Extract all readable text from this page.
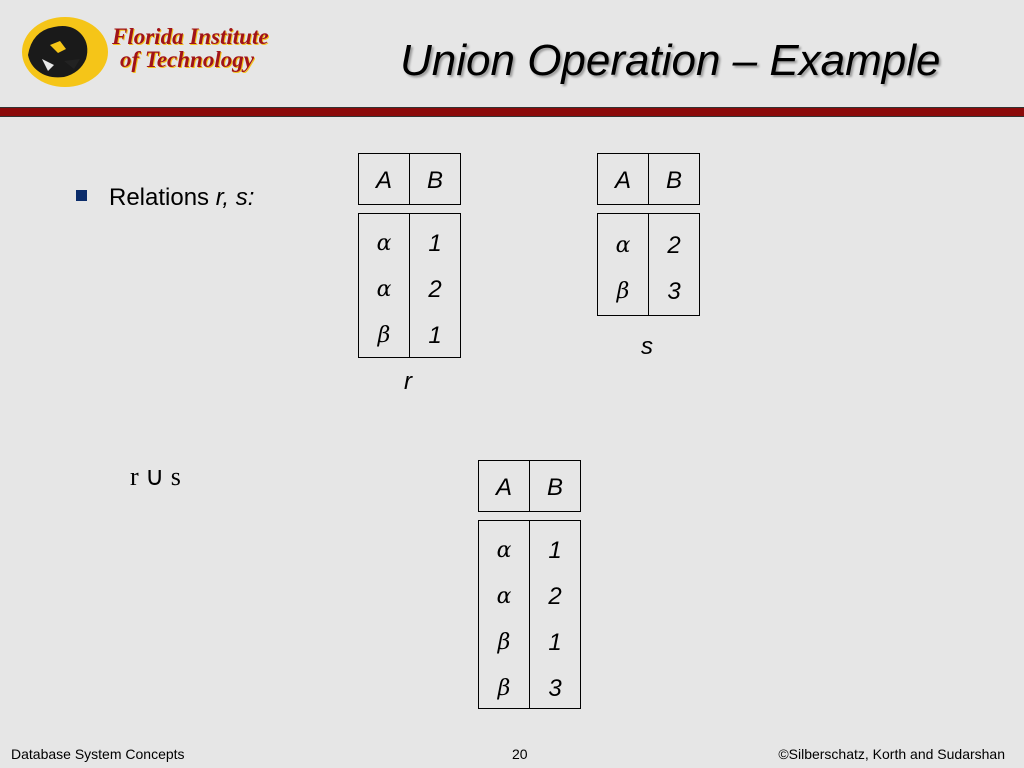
Florida Institute
of Technology	Union Operation – Example
Relations r, s:
A	B
α	1
α	2
β	1
r
A	B
α	2
β	3
s
r ∪ s	A	B
α	1
α	2
β	1
β	3
Database System Concepts	20	©Silberschatz, Korth and Sudarshan
